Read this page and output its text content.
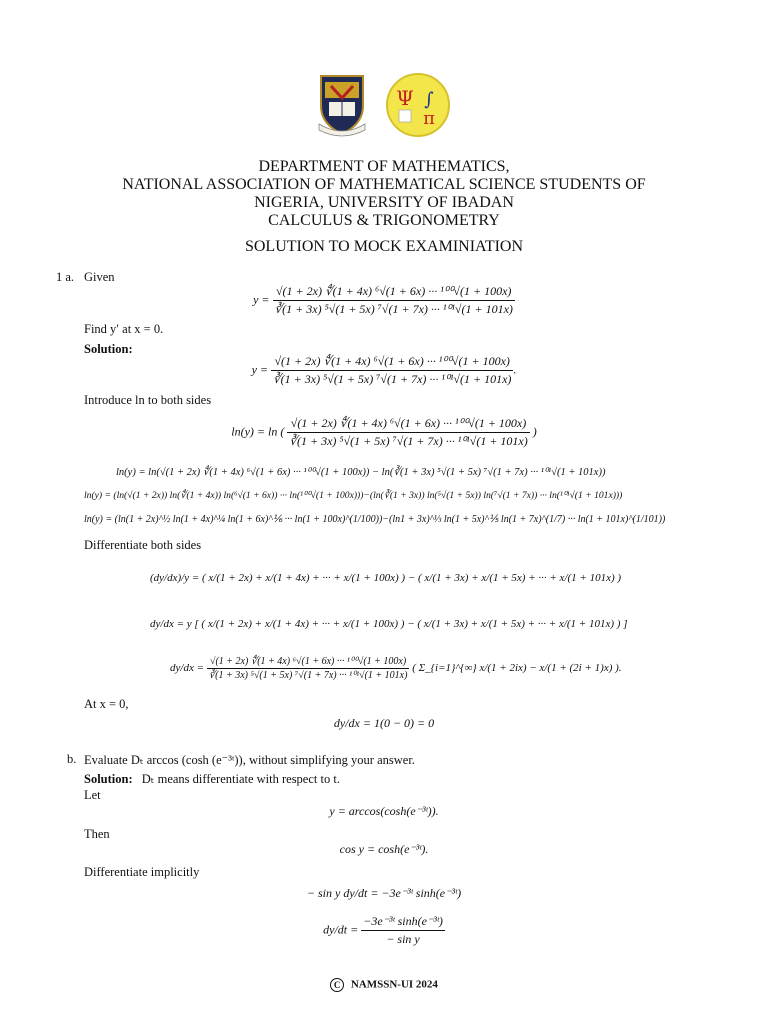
Ψ ∫
π
DEPARTMENT OF MATHEMATICS,
NATIONAL ASSOCIATION OF MATHEMATICAL SCIENCE STUDENTS OF
NIGERIA, UNIVERSITY OF IBADAN
CALCULUS & TRIGONOMETRY
SOLUTION TO MOCK EXAMINIATION
1 a. Given
$y = \frac{\text{√(1 + 2x) ∜(1 + 4x) ⁶√(1 + 6x) ··· ¹⁰⁰√(1 + 100x)}}{\text{∛(1 + 3x) ⁵√(1 + 5x) ⁷√(1 + 7x) ··· ¹⁰¹√(1 + 101x)}}$
Find y′ at x = 0.
Solution:
$y = \frac{\text{√(1 + 2x) ∜(1 + 4x) ⁶√(1 + 6x) ··· ¹⁰⁰√(1 + 100x)}}{\text{∛(1 + 3x) ⁵√(1 + 5x) ⁷√(1 + 7x) ··· ¹⁰¹√(1 + 101x)}}$ .
Introduce ln to both sides
ln(y) = ln ( $\frac{\text{√(1 + 2x) ∜(1 + 4x) ⁶√(1 + 6x) ··· ¹⁰⁰√(1 + 100x)}}{\text{∛(1 + 3x) ⁵√(1 + 5x) ⁷√(1 + 7x) ··· ¹⁰¹√(1 + 101x)}}$ )
ln(y) = ln(√(1 + 2x) ∜(1 + 4x) ⁶√(1 + 6x) ··· ¹⁰⁰√(1 + 100x)) − ln(∛(1 + 3x) ⁵√(1 + 5x) ⁷√(1 + 7x) ··· ¹⁰¹√(1 + 101x))
ln(y) = (ln(√(1 + 2x)) ln(∜(1 + 4x)) ln(⁶√(1 + 6x)) ··· ln(¹⁰⁰√(1 + 100x)))−(ln(∛(1 + 3x)) ln(⁵√(1 + 5x)) ln(⁷√(1 + 7x)) ··· ln(¹⁰¹√(1 + 101x)))
ln(y) = (ln(1 + 2x)^½ ln(1 + 4x)^¼ ln(1 + 6x)^⅙ ··· ln(1 + 100x)^(1/100))−(ln1 + 3x)^⅓ ln(1 + 5x)^⅕ ln(1 + 7x)^(1/7) ··· ln(1 + 101x)^(1/101))
Differentiate both sides
(dy/dx)/y = ( x/(1 + 2x) + x/(1 + 4x) + ··· + x/(1 + 100x) ) − ( x/(1 + 3x) + x/(1 + 5x) + ··· + x/(1 + 101x) )
dy/dx = y [ ( x/(1 + 2x) + x/(1 + 4x) + ··· + x/(1 + 100x) ) − ( x/(1 + 3x) + x/(1 + 5x) + ··· + x/(1 + 101x) ) ]
$dy/dx = \frac{\text{√(1 + 2x) ∜(1 + 4x) ⁶√(1 + 6x) ··· ¹⁰⁰√(1 + 100x)}}{\text{∛(1 + 3x) ⁵√(1 + 5x) ⁷√(1 + 7x) ··· ¹⁰¹√(1 + 101x)}}$ ( Σ_{i=1}^{∞} x/(1 + 2ix) − x/(1 + (2i + 1)x) ).
At x = 0,
dy/dx = 1(0 − 0) = 0
b. Evaluate Dₜ arccos (cosh (e⁻³ᵗ)), without simplifying your answer.
Solution: Dₜ means differentiate with respect to t.
Let
y = arccos(cosh(e⁻³ᵗ)).
Then
cos y = cosh(e⁻³ᵗ).
Differentiate implicitly
− sin y dy/dt = −3e⁻³ᵗ sinh(e⁻³ᵗ)
$dy/dt = \frac{\text{−3e⁻³ᵗ sinh(e⁻³ᵗ)}}{\text{− sin y}}$
C NAMSSN-UI 2024
